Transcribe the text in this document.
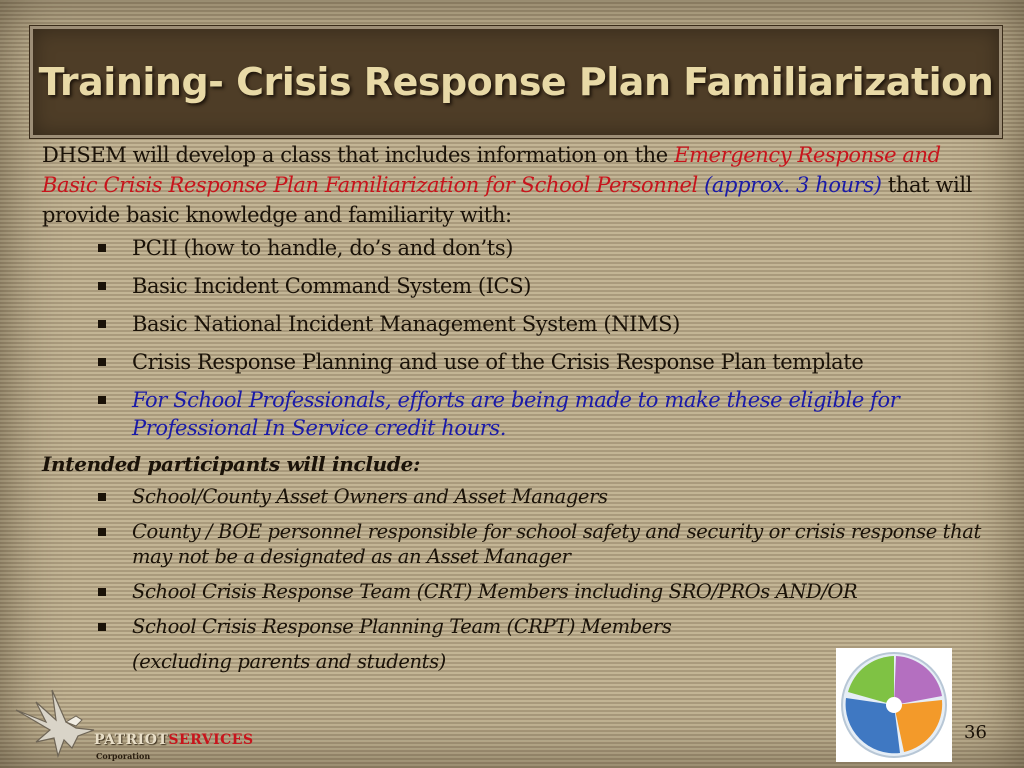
Training- Crisis Response Plan Familiarization

DHSEM will develop a class that includes information on the Emergency Response and Basic Crisis Response Plan Familiarization for School Personnel (approx. 3 hours) that will provide basic knowledge and familiarity with:

PCII (how to handle, do’s and don’ts)
Basic Incident Command System (ICS)
Basic National Incident Management System (NIMS)
Crisis Response Planning and use of the Crisis Response Plan template
For School Professionals, efforts are being made to make these eligible for Professional In Service credit hours.
Intended participants will include:
School/County Asset Owners and Asset Managers
County / BOE personnel responsible for school safety and security or crisis response that may not be a designated as an Asset Manager
School Crisis Response Team (CRT) Members including SRO/PROs AND/OR
School Crisis Response Planning Team (CRPT) Members
(excluding parents and students)
PATRIOTSERVICES
Corporation
36
